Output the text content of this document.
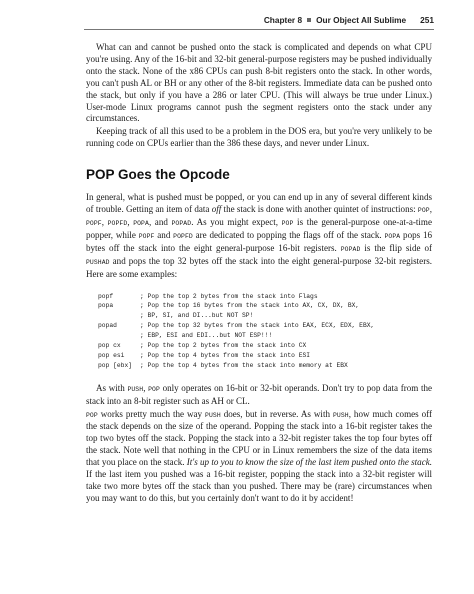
Chapter 8 Our Object All Sublime 251

What can and cannot be pushed onto the stack is complicated and depends on what CPU you're using. Any of the 16-bit and 32-bit general-purpose registers may be pushed individually onto the stack. None of the x86 CPUs can push 8-bit registers onto the stack. In other words, you can't push AL or BH or any other of the 8-bit registers. Immediate data can be pushed onto the stack, but only if you have a 286 or later CPU. (This will always be true under Linux.) User-mode Linux programs cannot push the segment registers onto the stack under any circumstances.

Keeping track of all this used to be a problem in the DOS era, but you're very unlikely to be running code on CPUs earlier than the 386 these days, and never under Linux.

POP Goes the Opcode

In general, what is pushed must be popped, or you can end up in any of several different kinds of trouble. Getting an item of data off the stack is done with another quintet of instructions: POP, POPF, POPFD, POPA, and POPAD. As you might expect, POP is the general-purpose one-at-a-time popper, while POPF and POPFD are dedicated to popping the flags off of the stack. POPA pops 16 bytes off the stack into the eight general-purpose 16-bit registers. POPAD is the flip side of PUSHAD and pops the top 32 bytes off the stack into the eight general-purpose 32-bit registers. Here are some examples:

popf	; Pop the top 2 bytes from the stack into Flags
popa	; Pop the top 16 bytes from the stack into AX, CX, DX, BX,
; BP, SI, and DI...but NOT SP!
popad	; Pop the top 32 bytes from the stack into EAX, ECX, EDX, EBX,
; EBP, ESI and EDI...but NOT ESP!!!
pop cx	; Pop the top 2 bytes from the stack into CX
pop esi	; Pop the top 4 bytes from the stack into ESI
pop [ebx]	; Pop the top 4 bytes from the stack into memory at EBX

As with PUSH, POP only operates on 16-bit or 32-bit operands. Don't try to pop data from the stack into an 8-bit register such as AH or CL.

POP works pretty much the way PUSH does, but in reverse. As with PUSH, how much comes off the stack depends on the size of the operand. Popping the stack into a 16-bit register takes the top two bytes off the stack. Popping the stack into a 32-bit register takes the top four bytes off the stack. Note well that nothing in the CPU or in Linux remembers the size of the data items that you place on the stack. It's up to you to know the size of the last item pushed onto the stack. If the last item you pushed was a 16-bit register, popping the stack into a 32-bit register will take two more bytes off the stack than you pushed. There may be (rare) circumstances when you may want to do this, but you certainly don't want to do it by accident!
